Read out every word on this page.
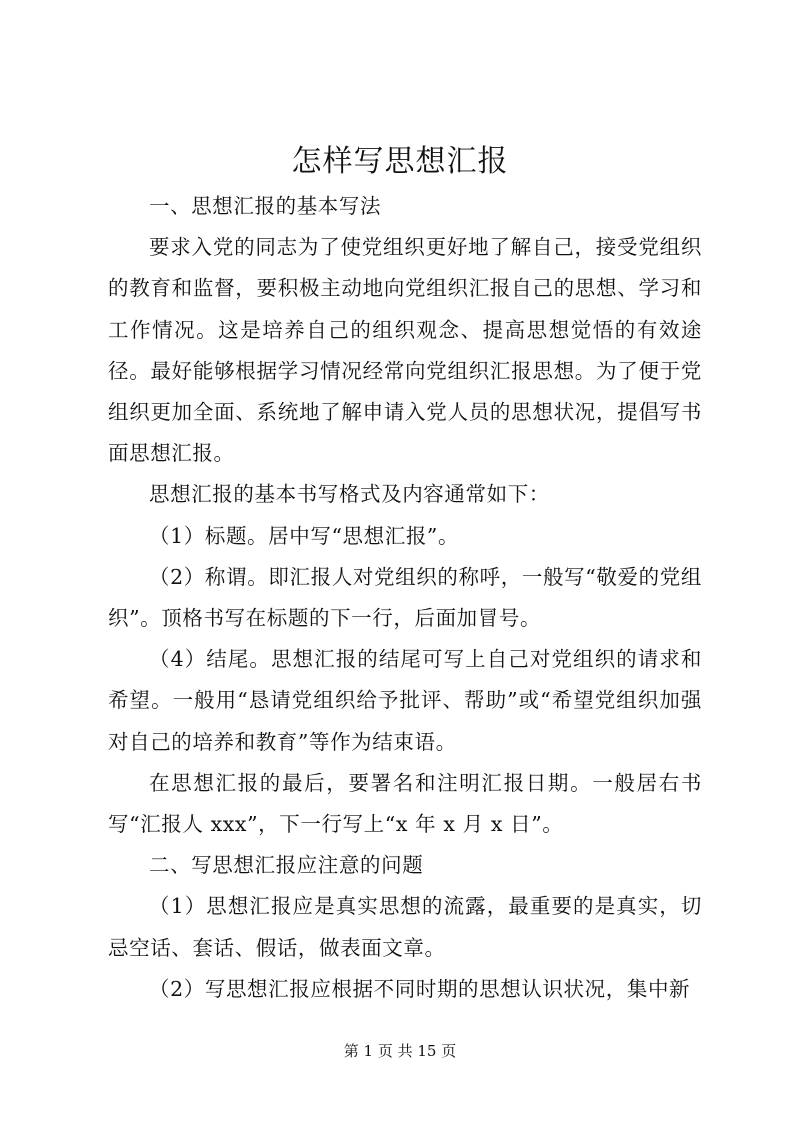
怎样写思想汇报

一、思想汇报的基本写法

要求入党的同志为了使党组织更好地了解自己，接受党组织的教育和监督，要积极主动地向党组织汇报自己的思想、学习和工作情况。这是培养自己的组织观念、提高思想觉悟的有效途径。最好能够根据学习情况经常向党组织汇报思想。为了便于党组织更加全面、系统地了解申请入党人员的思想状况，提倡写书面思想汇报。

思想汇报的基本书写格式及内容通常如下：

（1）标题。居中写“思想汇报”。

（2）称谓。即汇报人对党组织的称呼，一般写“敬爱的党组织”。顶格书写在标题的下一行，后面加冒号。

（4）结尾。思想汇报的结尾可写上自己对党组织的请求和希望。一般用“恳请党组织给予批评、帮助”或“希望党组织加强对自己的培养和教育”等作为结束语。

在思想汇报的最后，要署名和注明汇报日期。一般居右书写“汇报人 xxx”，下一行写上“x 年 x 月 x 日”。

二、写思想汇报应注意的问题

（1）思想汇报应是真实思想的流露，最重要的是真实，切忌空话、套话、假话，做表面文章。

（2）写思想汇报应根据不同时期的思想认识状况，集中新

第 1 页 共 15 页
